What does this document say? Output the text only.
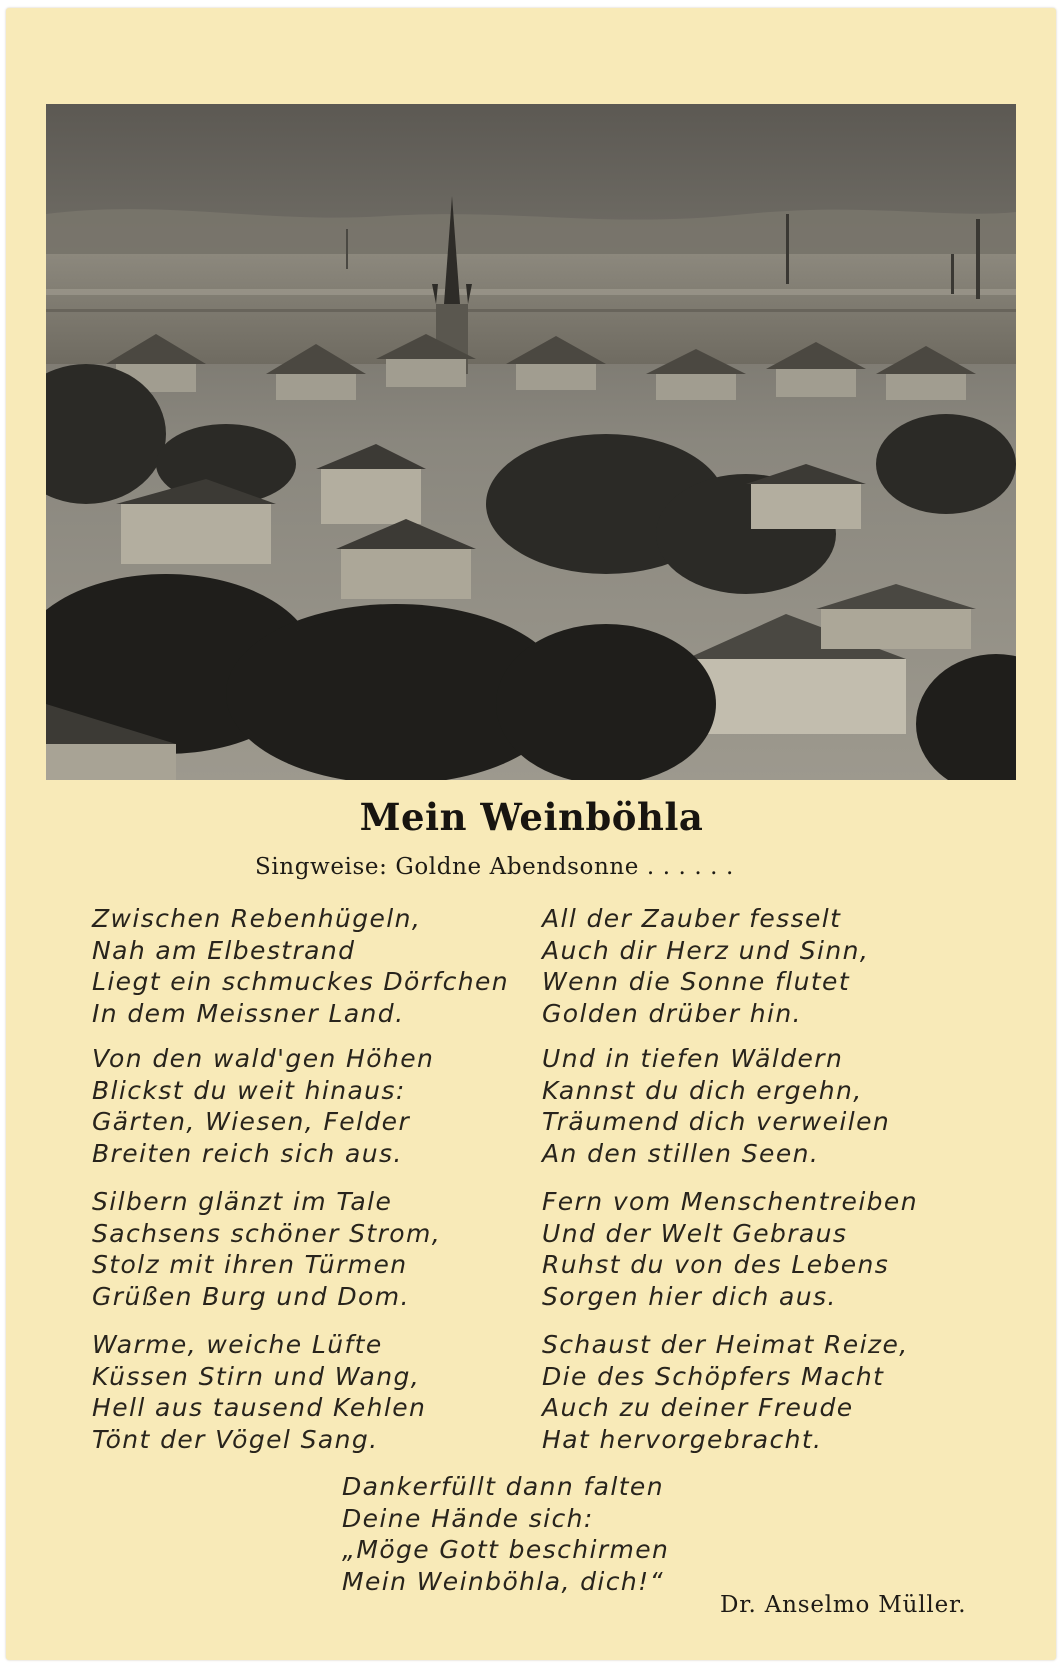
Mein Weinböhla
Singweise: Goldne Abendsonne . . . . . .
Zwischen Rebenhügeln,
Nah am Elbestrand
Liegt ein schmuckes Dörfchen
In dem Meissner Land.
All der Zauber fesselt
Auch dir Herz und Sinn,
Wenn die Sonne flutet
Golden drüber hin.
Von den wald'gen Höhen
Blickst du weit hinaus:
Gärten, Wiesen, Felder
Breiten reich sich aus.
Und in tiefen Wäldern
Kannst du dich ergehn,
Träumend dich verweilen
An den stillen Seen.
Silbern glänzt im Tale
Sachsens schöner Strom,
Stolz mit ihren Türmen
Grüßen Burg und Dom.
Fern vom Menschentreiben
Und der Welt Gebraus
Ruhst du von des Lebens
Sorgen hier dich aus.
Warme, weiche Lüfte
Küssen Stirn und Wang,
Hell aus tausend Kehlen
Tönt der Vögel Sang.
Schaust der Heimat Reize,
Die des Schöpfers Macht
Auch zu deiner Freude
Hat hervorgebracht.
Dankerfüllt dann falten
Deine Hände sich:
„Möge Gott beschirmen
Mein Weinböhla, dich!“
Dr. Anselmo Müller.
